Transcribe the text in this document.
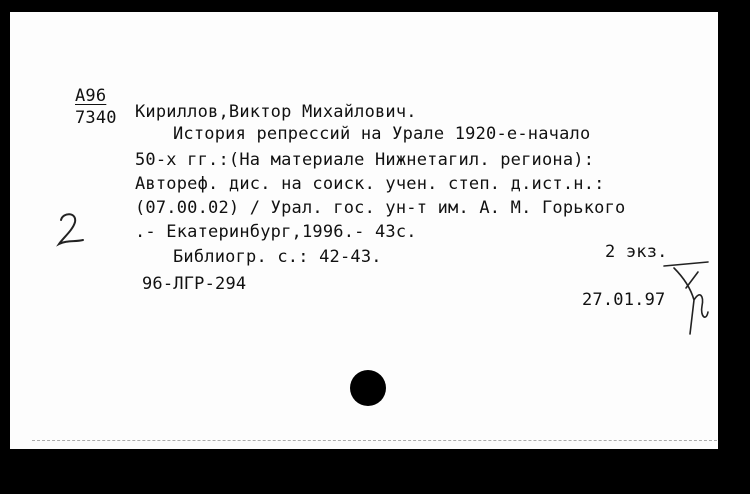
А96
7340 Кириллов,Виктор Михайлович.
История репрессий на Урале 1920-е-начало
50-х гг.:(На материале Нижнетагил. региона):
Автореф. дис. на соиск. учен. степ. д.ист.н.:
(07.00.02) / Урал. гос. ун-т им. А. М. Горького
.- Екатеринбург,1996.- 43с.
Библиогр. с.: 42-43.	2 экз.
96-ЛГР-294
27.01.97
